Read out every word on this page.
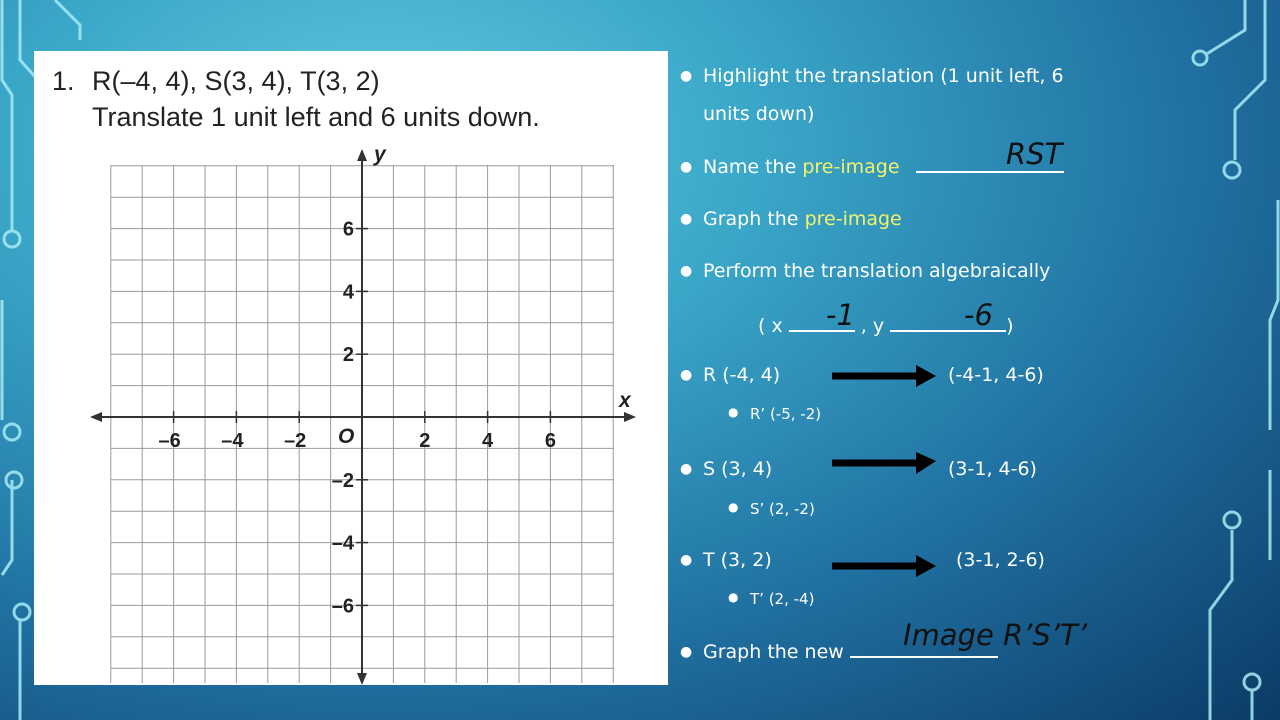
1. R(–4, 4), S(3, 4), T(3, 2)
Translate 1 unit left and 6 units down.
y
x
O
–6 –4 –2	2	4	6
6
4
2
–2
–4
–6
● Highlight the translation (1 unit left, 6
units down)
● Name the pre-image
● Graph the pre-image
● Perform the translation algebraically
( x	, y	)
● R (-4, 4)	(-4-1, 4-6)
● R’ (-5, -2)
● S (3, 4)	(3-1, 4-6)
● S’ (2, -2)
● T (3, 2)	(3-1, 2-6)
● T’ (2, -4)
● Graph the new
RST
-1	-6
Image R’S’T’
